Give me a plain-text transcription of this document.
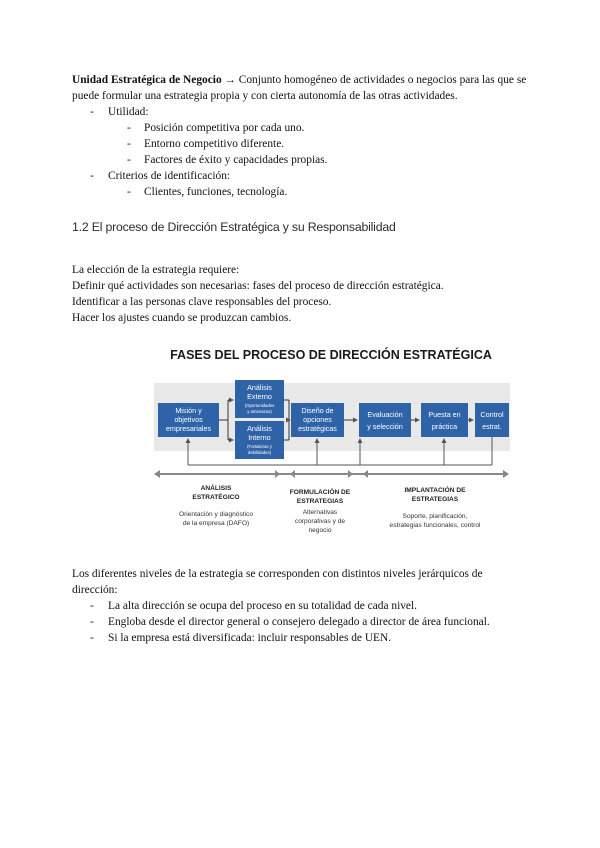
Unidad Estratégica de Negocio → Conjunto homogéneo de actividades o negocios para las que se puede formular una estrategia propia y con cierta autonomía de las otras actividades.
- Utilidad:
- Posición competitiva por cada uno.
- Entorno competitivo diferente.
- Factores de éxito y capacidades propias.
- Criterios de identificación:
- Clientes, funciones, tecnología.
1.2 El proceso de Dirección Estratégica y su Responsabilidad
La elección de la estrategia requiere:
Definir qué actividades son necesarias: fases del proceso de dirección estratégica.
Identificar a las personas clave responsables del proceso.
Hacer los ajustes cuando se produzcan cambios.
FASES DEL PROCESO DE DIRECCIÓN ESTRATÉGICA
Misión y
objetivos
empresariales
Análisis
Externo
(Oportunidades
y amenazas)
Análisis
Interno
(Fortalezas y
debilidades)
Diseño de
opciones
estratégicas
Evaluación
y selección
Puesta en
práctica
Control
estrat.
ANÁLISIS
ESTRATÉGICO
Orientación y diagnóstico
de la empresa (DAFO)
FORMULACIÓN DE
ESTRATEGIAS
Alternativas
corporativas y de
negocio
IMPLANTACIÓN DE
ESTRATEGIAS
Soporte, planificación,
estrategias funcionales, control
Los diferentes niveles de la estrategia se corresponden con distintos niveles jerárquicos de
dirección:
- La alta dirección se ocupa del proceso en su totalidad de cada nivel.
- Engloba desde el director general o consejero delegado a director de área funcional.
- Si la empresa está diversificada: incluir responsables de UEN.
